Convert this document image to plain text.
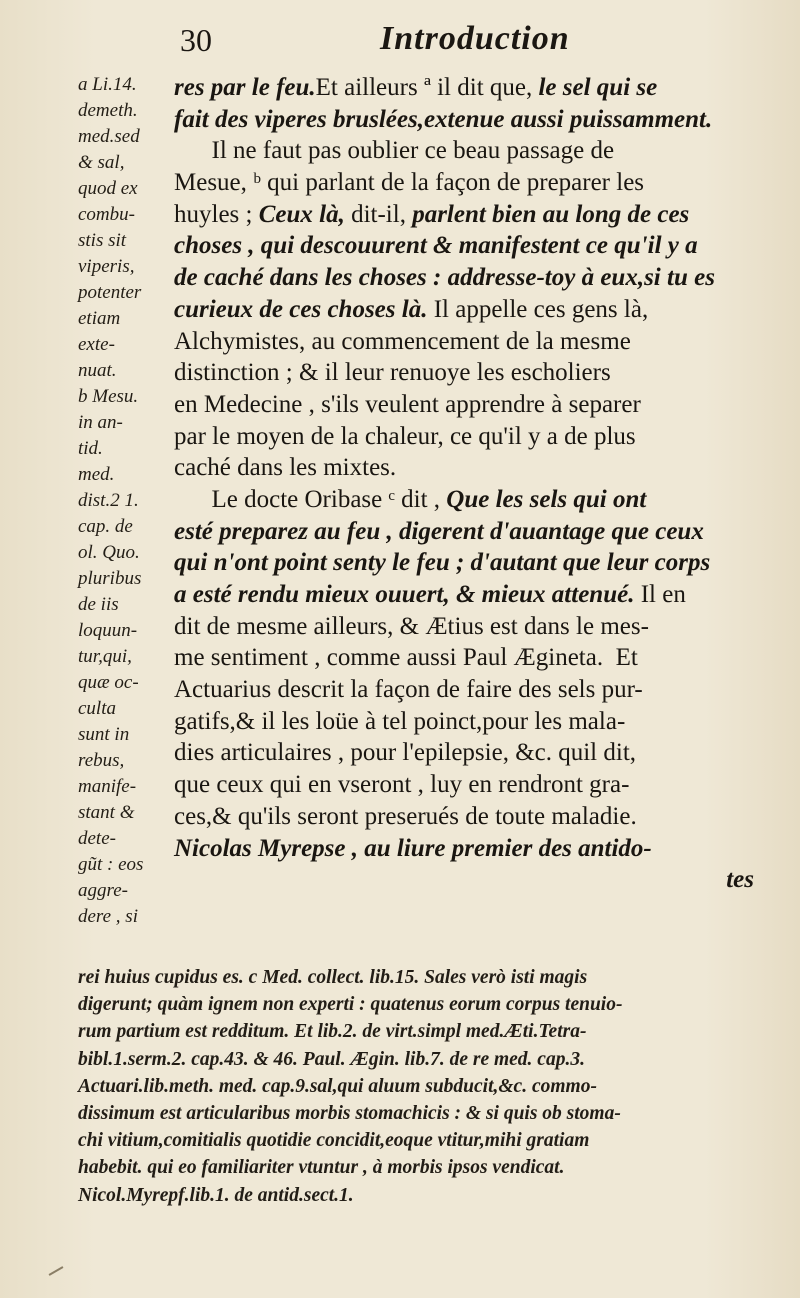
30	Introduction
a Li.14.
demeth.
med.sed
& sal,
quod ex
combu-
stis sit
viperis,
potenter
etiam
exte-
nuat.
b Mesu.
in an-
tid.
med.
dist.2 1.
cap. de
ol. Quo.
pluribus
de iis
loquun-
tur,qui,
quæ oc-
culta
sunt in
rebus,
manife-
stant &
dete-
gũt : eos
aggre-
dere , si
res par le feu.Et ailleurs ª il dit que, le sel qui se
fait des viperes bruslées,extenue aussi puissamment.
Il ne faut pas oublier ce beau passage de
Mesue, ᵇ qui parlant de la façon de preparer les
huyles ; Ceux là, dit-il, parlent bien au long de ces
choses , qui descouurent & manifestent ce qu'il y a
de caché dans les choses : addresse-toy à eux,si tu es
curieux de ces choses là. Il appelle ces gens là,
Alchymistes, au commencement de la mesme
distinction ; & il leur renuoye les escholiers
en Medecine , s'ils veulent apprendre à separer
par le moyen de la chaleur, ce qu'il y a de plus
caché dans les mixtes.
Le docte Oribase ᶜ dit , Que les sels qui ont
esté preparez au feu , digerent d'auantage que ceux
qui n'ont point senty le feu ; d'autant que leur corps
a esté rendu mieux ouuert, & mieux attenué. Il en
dit de mesme ailleurs, & Ætius est dans le mes-
me sentiment , comme aussi Paul Ægineta.  Et
Actuarius descrit la façon de faire des sels pur-
gatifs,& il les loüe à tel poinct,pour les mala-
dies articulaires , pour l'epilepsie, &c. quil dit,
que ceux qui en vseront , luy en rendront gra-
ces,& qu'ils seront preserués de toute maladie.
Nicolas Myrepse , au liure premier des antido-
tes
rei huius cupidus es. c Med. collect. lib.15. Sales verò isti magis
digerunt; quàm ignem non experti : quatenus eorum corpus tenuio-
rum partium est redditum. Et lib.2. de virt.simpl med.Æti.Tetra-
bibl.1.serm.2. cap.43. & 46. Paul. Ægin. lib.7. de re med. cap.3.
Actuari.lib.meth. med. cap.9.sal,qui aluum subducit,&c. commo-
dissimum est articularibus morbis stomachicis : & si quis ob stoma-
chi vitium,comitialis quotidie concidit,eoque vtitur,mihi gratiam
habebit. qui eo familiariter vtuntur , à morbis ipsos vendicat.
Nicol.Myrepf.lib.1. de antid.sect.1.
